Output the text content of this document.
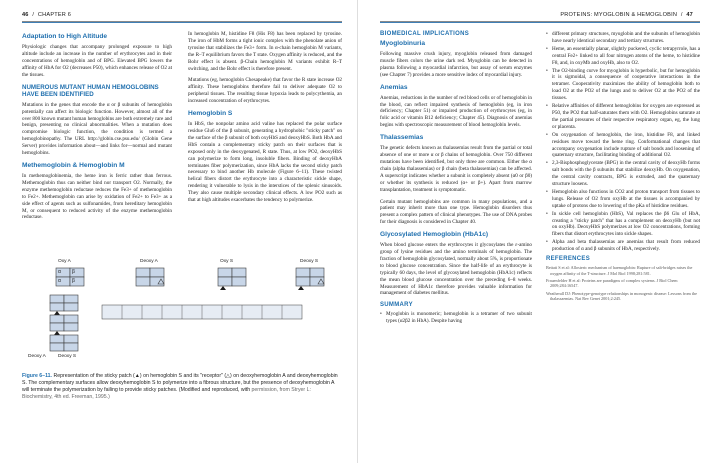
46 / CHAPTER 6
Adaptation to High Altitude

Physiologic changes that accompany prolonged exposure to high altitude include an increase in the number of erythrocytes and in their concentrations of hemoglobin and of BPG. Elevated BPG lowers the affinity of HbA for O2 (decreases P50), which enhances release of O2 at the tissues.

NUMEROUS MUTANT HUMAN HEMOGLOBINS HAVE BEEN IDENTIFIED

Mutations in the genes that encode the α or β subunits of hemoglobin potentially can affect its biologic function. However, almost all of the over 800 known mutant human hemoglobins are both extremely rare and benign, presenting no clinical abnormalities. When a mutation does compromise biologic function, the condition is termed a hemoglobinopathy. The URL http://globin.cse.psu.edu/ (Globin Gene Server) provides information about—and links for—normal and mutant hemoglobins.

Methemoglobin & Hemoglobin M

In methemoglobinemia, the heme iron is ferric rather than ferrous. Methemoglobin thus can neither bind nor transport O2. Normally, the enzyme methemoglobin reductase reduces the Fe3+ of methemoglobin to Fe2+. Methemoglobin can arise by oxidation of Fe2+ to Fe3+ as a side effect of agents such as sulfonamides, from hereditary hemoglobin M, or consequent to reduced activity of the enzyme methemoglobin reductase.

In hemoglobin M, histidine F8 (His F8) has been replaced by tyrosine. The iron of HbM forms a tight ionic complex with the phenolate anion of tyrosine that stabilizes the Fe3+ form. In α-chain hemoglobin M variants, the R–T equilibrium favors the T state. Oxygen affinity is reduced, and the Bohr effect is absent. β-Chain hemoglobin M variants exhibit R–T switching, and the Bohr effect is therefore present.

Mutations (eg, hemoglobin Chesapeake) that favor the R state increase O2 affinity. These hemoglobins therefore fail to deliver adequate O2 to peripheral tissues. The resulting tissue hypoxia leads to polycythemia, an increased concentration of erythrocytes.

Hemoglobin S

In HbS, the nonpolar amino acid valine has replaced the polar surface residue Glu6 of the β subunit, generating a hydrophobic "sticky patch" on the surface of the β subunit of both oxyHbS and deoxyHbS. Both HbA and HbS contain a complementary sticky patch on their surfaces that is exposed only in the deoxygenated, R state. Thus, at low PO2, deoxyHbS can polymerize to form long, insoluble fibers. Binding of deoxyHbA terminates fiber polymerization, since HbA lacks the second sticky patch necessary to bind another Hb molecule (Figure 6–11). These twisted helical fibers distort the erythrocyte into a characteristic sickle shape, rendering it vulnerable to lysis in the interstices of the splenic sinusoids. They also cause multiple secondary clinical effects. A low PO2 such as that at high altitudes exacerbates the tendency to polymerize.

Oxy A	Deoxy A	Oxy S	Deoxy S
α β
α β
Deoxy A	Deoxy S
Figure 6–11. Representation of the sticky patch (▲) on hemoglobin S and its "receptor" (△) on deoxyhemoglobin A and deoxyhemoglobin S. The complementary surfaces allow deoxyhemoglobin S to polymerize into a fibrous structure, but the presence of deoxyhemoglobin A will terminate the polymerization by failing to provide sticky patches. (Modified and reproduced, with permission, from Stryer L: Biochemistry, 4th ed. Freeman, 1995.)
PROTEINS: MYOGLOBIN & HEMOGLOBIN / 47
BIOMEDICAL IMPLICATIONS
Myoglobinuria

Following massive crush injury, myoglobin released from damaged muscle fibers colors the urine dark red. Myoglobin can be detected in plasma following a myocardial infarction, but assay of serum enzymes (see Chapter 7) provides a more sensitive index of myocardial injury.

Anemias

Anemias, reductions in the number of red blood cells or of hemoglobin in the blood, can reflect impaired synthesis of hemoglobin (eg, in iron deficiency; Chapter 51) or impaired production of erythrocytes (eg, in folic acid or vitamin B12 deficiency; Chapter 45). Diagnosis of anemias begins with spectroscopic measurement of blood hemoglobin levels.

Thalassemias

The genetic defects known as thalassemias result from the partial or total absence of one or more α or β chains of hemoglobin. Over 750 different mutations have been identified, but only three are common. Either the α chain (alpha thalassemias) or β chain (beta thalassemias) can be affected. A superscript indicates whether a subunit is completely absent (α0 or β0) or whether its synthesis is reduced (α+ or β+). Apart from marrow transplantation, treatment is symptomatic.

Certain mutant hemoglobins are common in many populations, and a patient may inherit more than one type. Hemoglobin disorders thus present a complex pattern of clinical phenotypes. The use of DNA probes for their diagnosis is considered in Chapter 40.

Glycosylated Hemoglobin (HbA1c)

When blood glucose enters the erythrocytes it glycosylates the ε-amino group of lysine residues and the amino terminals of hemoglobin. The fraction of hemoglobin glycosylated, normally about 5%, is proportionate to blood glucose concentration. Since the half-life of an erythrocyte is typically 60 days, the level of glycosylated hemoglobin (HbA1c) reflects the mean blood glucose concentration over the preceding 6–8 weeks. Measurement of HbA1c therefore provides valuable information for management of diabetes mellitus.

SUMMARY
• Myoglobin is monomeric; hemoglobin is a tetramer of two subunit types (α2β2 in HbA). Despite having
• different primary structures, myoglobin and the subunits of hemoglobin have nearly identical secondary and tertiary structures.
• Heme, an essentially planar, slightly puckered, cyclic tetrapyrrole, has a central Fe2+ linked to all four nitrogen atoms of the heme, to histidine F8, and, in oxyMb and oxyHb, also to O2.
• The O2-binding curve for myoglobin is hyperbolic, but for hemoglobin it is sigmoidal, a consequence of cooperative interactions in the tetramer. Cooperativity maximizes the ability of hemoglobin both to load O2 at the PO2 of the lungs and to deliver O2 at the PO2 of the tissues.
• Relative affinities of different hemoglobins for oxygen are expressed as P50, the PO2 that half-saturates them with O2. Hemoglobins saturate at the partial pressures of their respective respiratory organ, eg, the lung or placenta.
• On oxygenation of hemoglobin, the iron, histidine F8, and linked residues move toward the heme ring. Conformational changes that accompany oxygenation include rupture of salt bonds and loosening of quaternary structure, facilitating binding of additional O2.
• 2,3-Bisphosphoglycerate (BPG) in the central cavity of deoxyHb forms salt bonds with the β subunits that stabilize deoxyHb. On oxygenation, the central cavity contracts, BPG is extruded, and the quaternary structure loosens.
• Hemoglobin also functions in CO2 and proton transport from tissues to lungs. Release of O2 from oxyHb at the tissues is accompanied by uptake of protons due to lowering of the pKa of histidine residues.
• In sickle cell hemoglobin (HbS), Val replaces the β6 Glu of HbA, creating a "sticky patch" that has a complement on deoxyHb (but not on oxyHb). DeoxyHbS polymerizes at low O2 concentrations, forming fibers that distort erythrocytes into sickle shapes.
• Alpha and beta thalassemias are anemias that result from reduced production of α and β subunits of HbA, respectively.
REFERENCES

Bettati S et al: Allosteric mechanism of haemoglobin: Rupture of salt-bridges raises the oxygen affinity of the T-structure. J Mol Biol 1998;281:581.

Frauenfelder H et al: Proteins are paradigms of complex systems. J Biol Chem 2009;284:16547.

Weatherall DJ: Phenotype-genotype relationships in monogenic disease: Lessons from the thalassaemias. Nat Rev Genet 2001;2:245.
